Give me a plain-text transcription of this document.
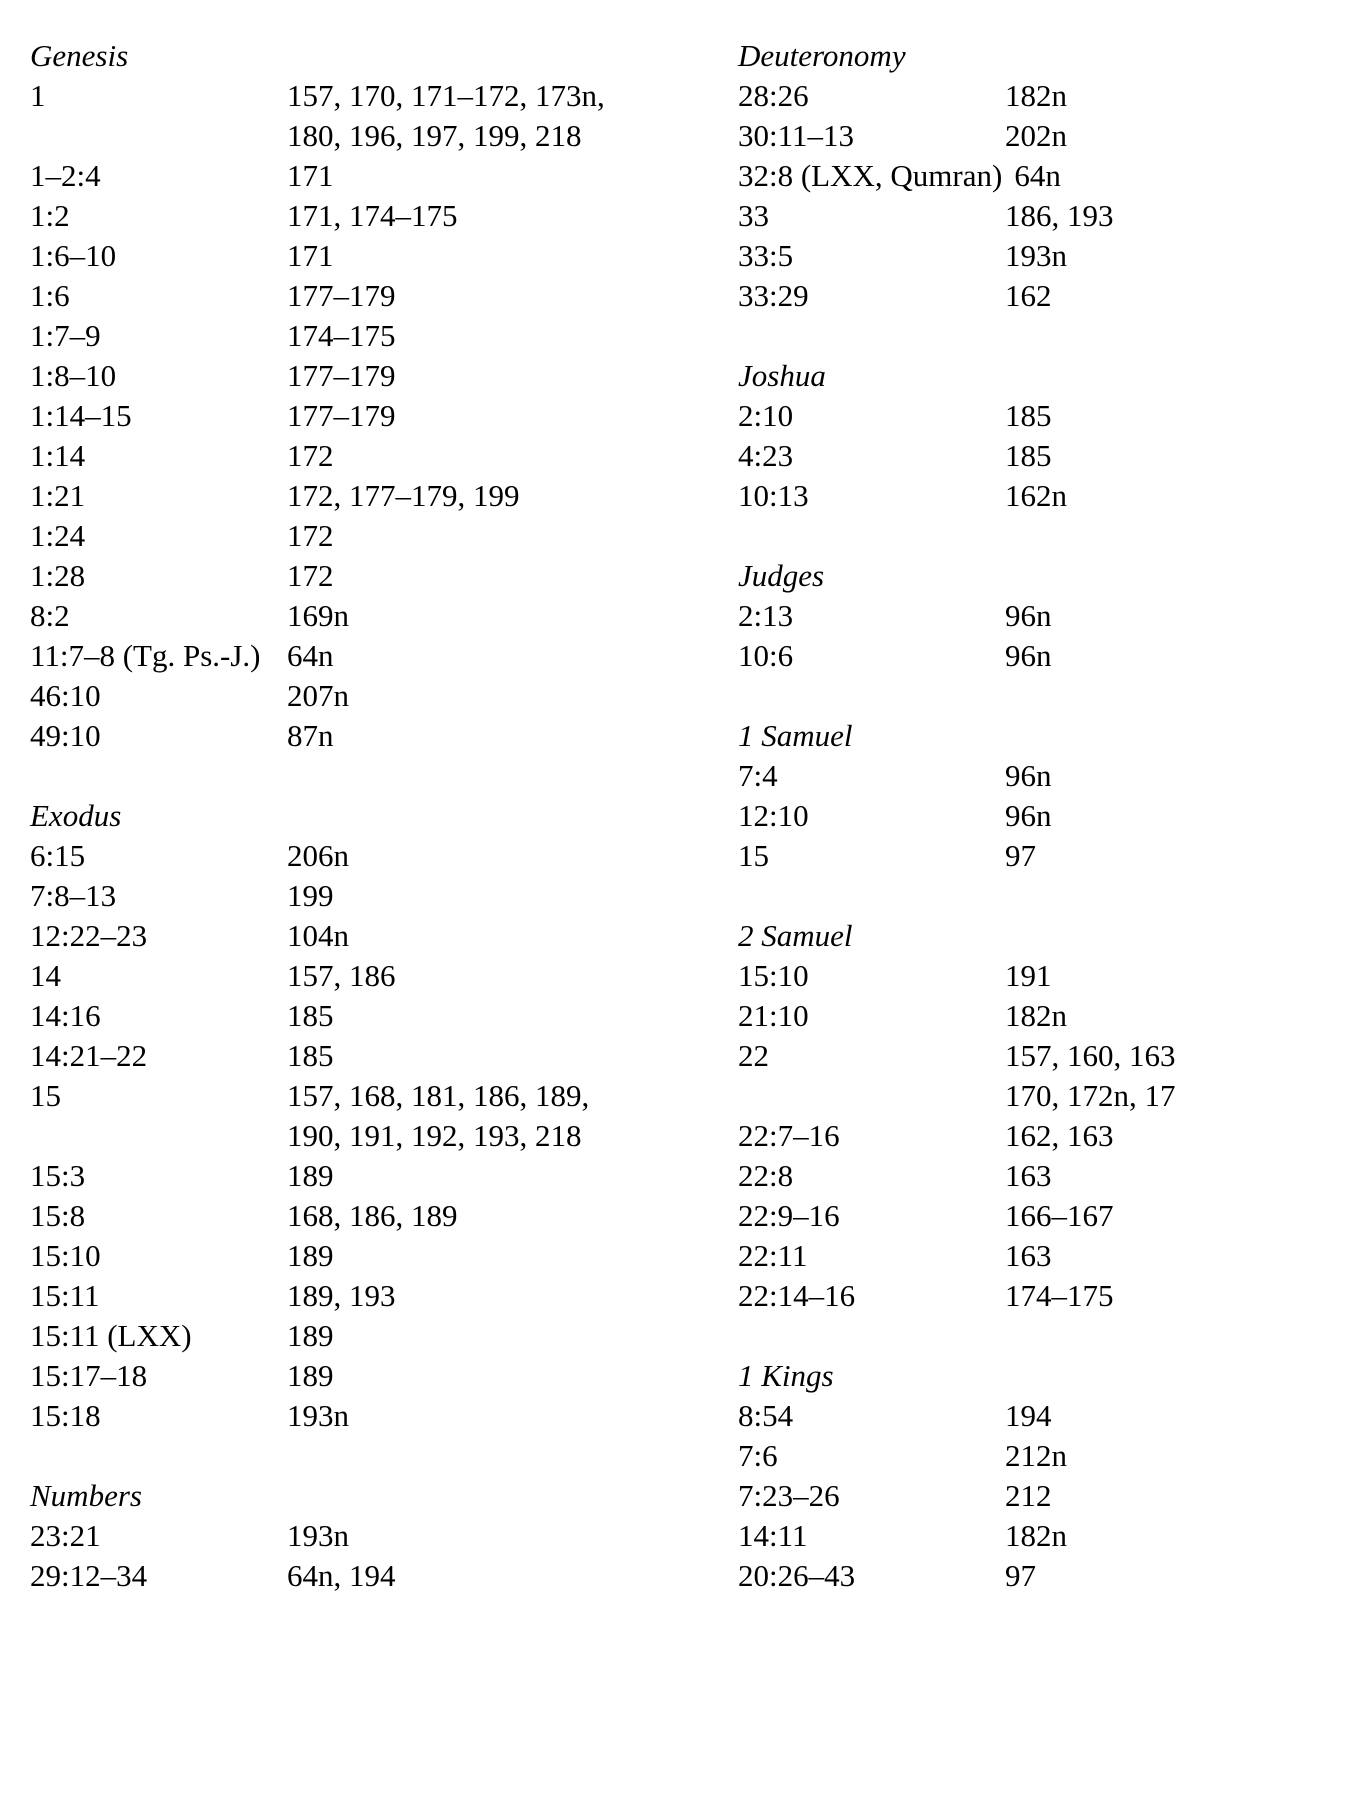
Genesis
1	157, 170, 171–172, 173n,
180, 196, 197, 199, 218
1–2:4	171
1:2	171, 174–175
1:6–10	171
1:6	177–179
1:7–9	174–175
1:8–10	177–179
1:14–15	177–179
1:14	172
1:21	172, 177–179, 199
1:24	172
1:28	172
8:2	169n
11:7–8 (Tg. Ps.-J.) 64n
46:10	207n
49:10	87n
Exodus
6:15	206n
7:8–13	199
12:22–23	104n
14	157, 186
14:16	185
14:21–22	185
15	157, 168, 181, 186, 189,
190, 191, 192, 193, 218
15:3	189
15:8	168, 186, 189
15:10	189
15:11	189, 193
15:11 (LXX)	189
15:17–18	189
15:18	193n
Numbers
23:21	193n
29:12–34	64n, 194
Deuteronomy
28:26	182n
30:11–13	202n
32:8 (LXX, Qumran) 64n
33	186, 193
33:5	193n
33:29	162
Joshua
2:10	185
4:23	185
10:13	162n
Judges
2:13	96n
10:6	96n
1 Samuel
7:4	96n
12:10	96n
15	97
2 Samuel
15:10	191
21:10	182n
22	157, 160, 163
170, 172n, 17
22:7–16	162, 163
22:8	163
22:9–16	166–167
22:11	163
22:14–16	174–175
1 Kings
8:54	194
7:6	212n
7:23–26	212
14:11	182n
20:26–43	97
